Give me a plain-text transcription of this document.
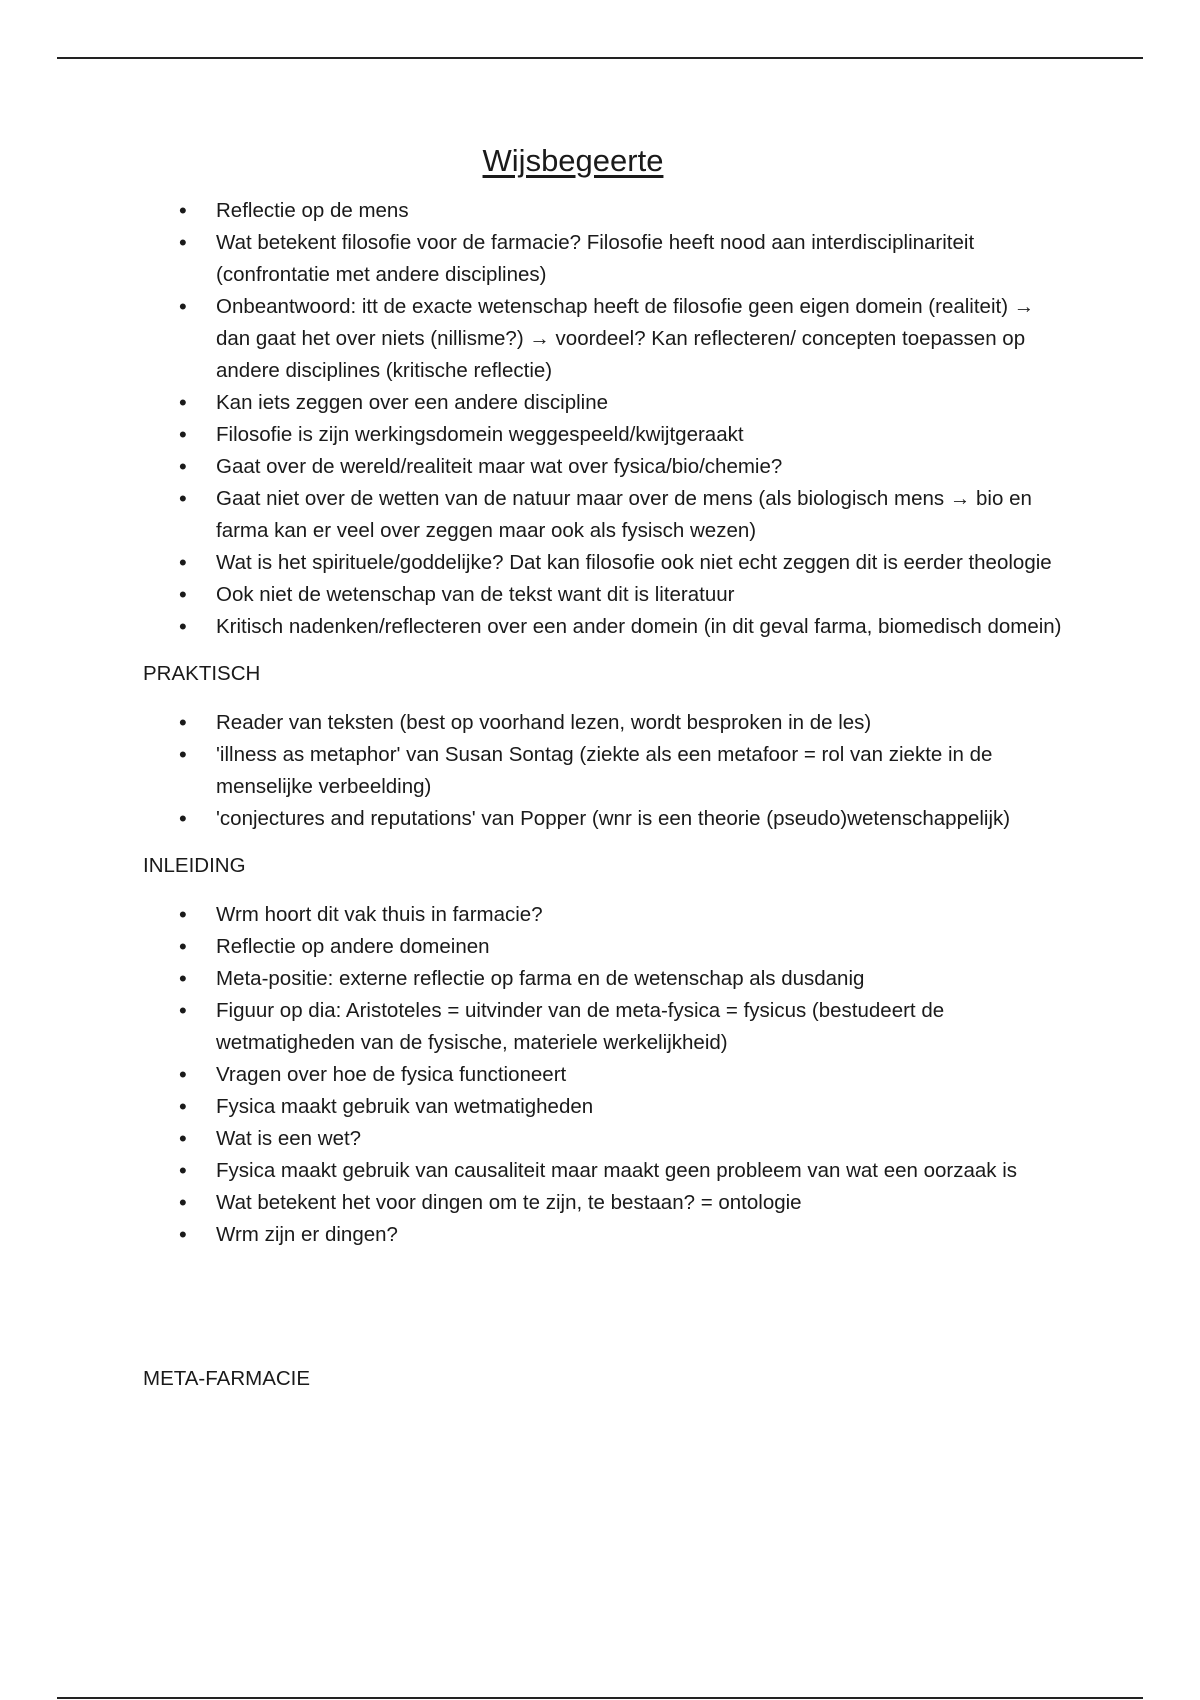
Wijsbegeerte
• Reflectie op de mens
• Wat betekent filosofie voor de farmacie? Filosofie heeft nood aan interdisciplinariteit (confrontatie met andere disciplines)
• Onbeantwoord: itt de exacte wetenschap heeft de filosofie geen eigen domein (realiteit) → dan gaat het over niets (nillisme?) → voordeel? Kan reflecteren/ concepten toepassen op andere disciplines (kritische reflectie)
• Kan iets zeggen over een andere discipline
• Filosofie is zijn werkingsdomein weggespeeld/kwijtgeraakt
• Gaat over de wereld/realiteit maar wat over fysica/bio/chemie?
• Gaat niet over de wetten van de natuur maar over de mens (als biologisch mens → bio en farma kan er veel over zeggen maar ook als fysisch wezen)
• Wat is het spirituele/goddelijke? Dat kan filosofie ook niet echt zeggen dit is eerder theologie
• Ook niet de wetenschap van de tekst want dit is literatuur
• Kritisch nadenken/reflecteren over een ander domein (in dit geval farma, biomedisch domein)
PRAKTISCH
• Reader van teksten (best op voorhand lezen, wordt besproken in de les)
• 'illness as metaphor' van Susan Sontag (ziekte als een metafoor = rol van ziekte in de menselijke verbeelding)
• 'conjectures and reputations' van Popper (wnr is een theorie (pseudo)wetenschappelijk)
INLEIDING
• Wrm hoort dit vak thuis in farmacie?
• Reflectie op andere domeinen
• Meta-positie: externe reflectie op farma en de wetenschap als dusdanig
• Figuur op dia: Aristoteles = uitvinder van de meta-fysica = fysicus (bestudeert de wetmatigheden van de fysische, materiele werkelijkheid)
• Vragen over hoe de fysica functioneert
• Fysica maakt gebruik van wetmatigheden
• Wat is een wet?
• Fysica maakt gebruik van causaliteit maar maakt geen probleem van wat een oorzaak is
• Wat betekent het voor dingen om te zijn, te bestaan? = ontologie
• Wrm zijn er dingen?
META-FARMACIE
